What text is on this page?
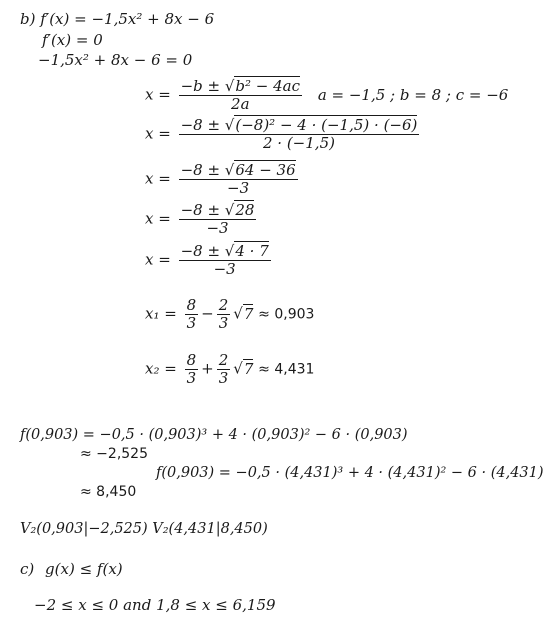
b) f′(x) = −1,5x² + 8x − 6
f′(x) = 0
−1,5x² + 8x − 6 = 0
$x = \frac{\text{−b ± √b² − 4ac}}{2a}$ a = −1,5 ; b = 8 ; c = −6
$x = \frac{\text{−8 ± √(−8)² − 4 · (−1,5) · (−6)}}{2 \cdot (-1,5)}$
$x = \frac{-8 \pm √64 - 36}{-3}$
$x = \frac{-8 \pm √28}{-3}$
$x = \frac{-8 \pm √4 \cdot 7}{-3}$
$x_1 = \frac{8}{3} - \frac{2}{3} √7 \approx 0,903$
$x_2 = \frac{8}{3} + \frac{2}{3} √7 \approx 4,431$
f(0,903) = −0,5 · (0,903)³ + 4 · (0,903)² − 6 · (0,903)
≈ −2,525
f(0,903) = −0,5 · (4,431)³ + 4 · (4,431)² − 6 · (4,431)
≈ 8,450
V₂(0,903|−2,525) V₂(4,431|8,450)
c) g(x) ≤ f(x)
−2 ≤ x ≤ 0 and 1,8 ≤ x ≤ 6,159
